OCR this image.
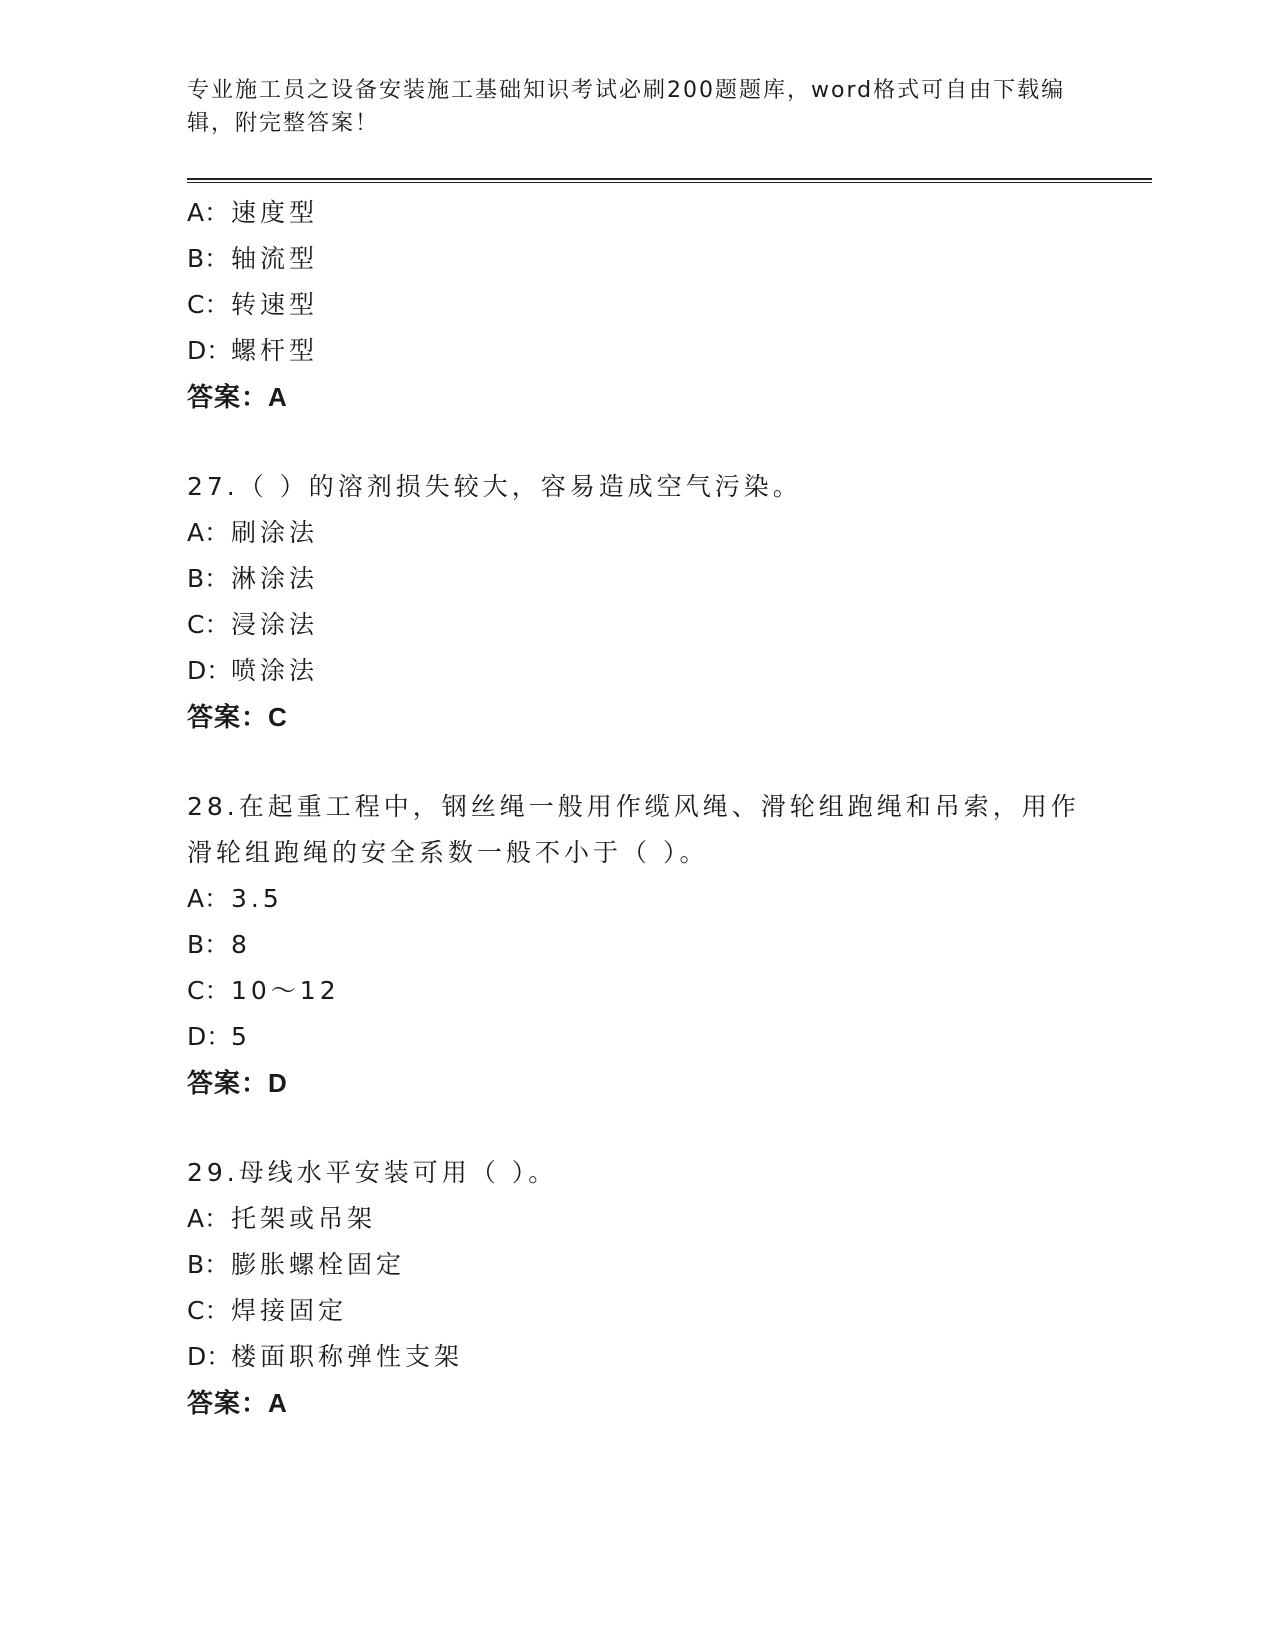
专业施工员之设备安装施工基础知识考试必刷200题题库，word格式可自由下载编辑，附完整答案！
A：速度型
B：轴流型
C：转速型
D：螺杆型
答案：A
27.（ ）的溶剂损失较大，容易造成空气污染。
A：刷涂法
B：淋涂法
C：浸涂法
D：喷涂法
答案：C
28.在起重工程中，钢丝绳一般用作缆风绳、滑轮组跑绳和吊索，用作滑轮组跑绳的安全系数一般不小于（ ）。
A：3.5
B：8
C：10～12
D：5
答案：D
29.母线水平安装可用（ ）。
A：托架或吊架
B：膨胀螺栓固定
C：焊接固定
D：楼面职称弹性支架
答案：A
